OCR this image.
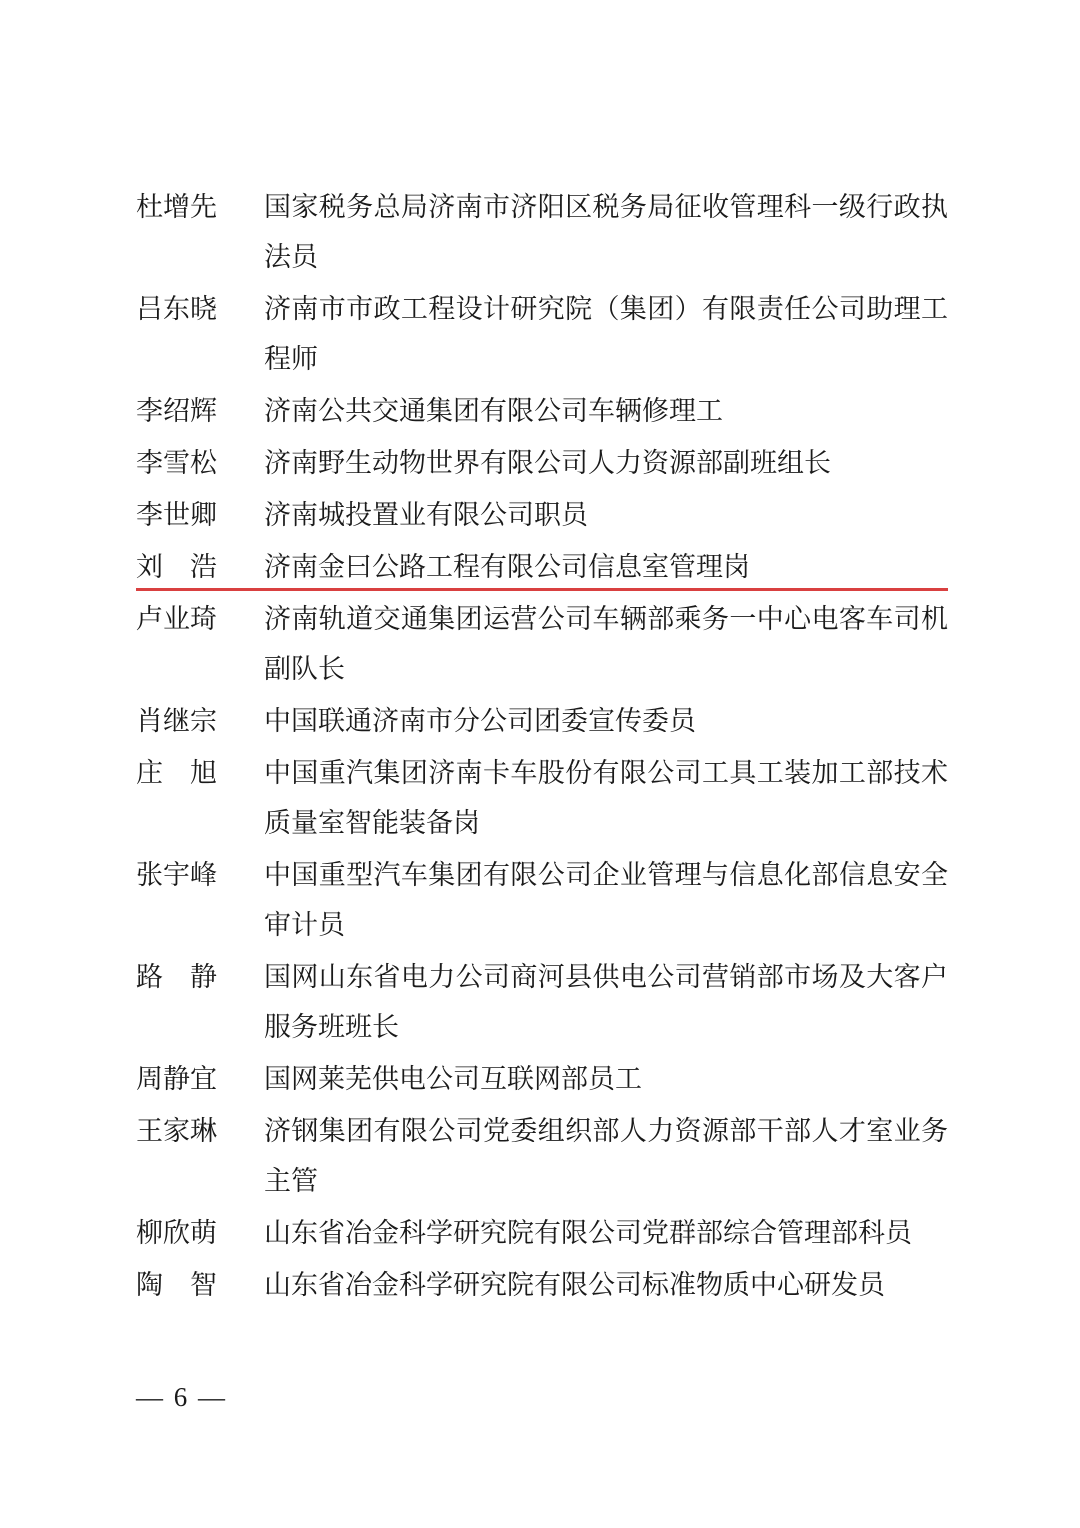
杜增先	国家税务总局济南市济阳区税务局征收管理科一级行政执法员
吕东晓	济南市市政工程设计研究院（集团）有限责任公司助理工程师
李绍辉	济南公共交通集团有限公司车辆修理工
李雪松	济南野生动物世界有限公司人力资源部副班组长
李世卿	济南城投置业有限公司职员
刘　浩	济南金曰公路工程有限公司信息室管理岗
卢业琦	济南轨道交通集团运营公司车辆部乘务一中心电客车司机副队长
肖继宗	中国联通济南市分公司团委宣传委员
庄　旭	中国重汽集团济南卡车股份有限公司工具工装加工部技术质量室智能装备岗
张宇峰	中国重型汽车集团有限公司企业管理与信息化部信息安全审计员
路　静	国网山东省电力公司商河县供电公司营销部市场及大客户服务班班长
周静宜	国网莱芜供电公司互联网部员工
王家琳	济钢集团有限公司党委组织部人力资源部干部人才室业务主管
柳欣萌	山东省冶金科学研究院有限公司党群部综合管理部科员
陶　智	山东省冶金科学研究院有限公司标准物质中心研发员
— 6 —
